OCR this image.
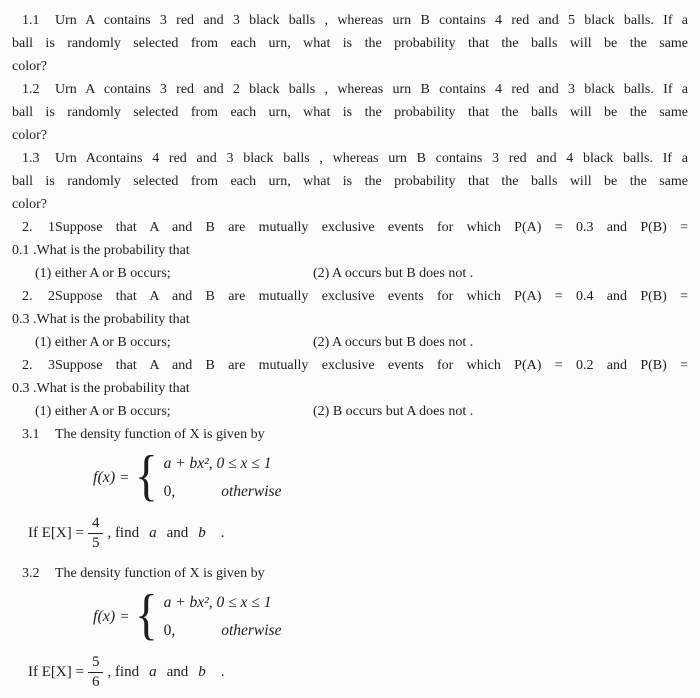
1.1 Urn A contains 3 red and 3 black balls , whereas urn B contains 4 red and 5 black balls. If a
ball is randomly selected from each urn, what is the probability that the balls will be the same
color?
1.2 Urn A contains 3 red and 2 black balls , whereas urn B contains 4 red and 3 black balls. If a
ball is randomly selected from each urn, what is the probability that the balls will be the same
color?
1.3 Urn Acontains 4 red and 3 black balls , whereas urn B contains 3 red and 4 black balls. If a
ball is randomly selected from each urn, what is the probability that the balls will be the same
color?
2. 1Suppose that A and B are mutually exclusive events for which P(A) = 0.3 and P(B) =
0.1 .What is the probability that
(1) either A or B occurs;	(2) A occurs but B does not .
2. 2Suppose that A and B are mutually exclusive events for which P(A) = 0.4 and P(B) =
0.3 .What is the probability that
(1) either A or B occurs;	(2) A occurs but B does not .
2. 3Suppose that A and B are mutually exclusive events for which P(A) = 0.2 and P(B) =
0.3 .What is the probability that
(1) either A or B occurs;	(2) B occurs but A does not .
3.1 The density function of X is given by
f(x) = { a + bx², 0 ≤ x ≤ 1
0,	otherwise
If $E[X] = \frac{4}{5}$ , find a and b .
3.2 The density function of X is given by
f(x) = { a + bx², 0 ≤ x ≤ 1
0,	otherwise
If $E[X] = \frac{5}{6}$ , find a and b .
